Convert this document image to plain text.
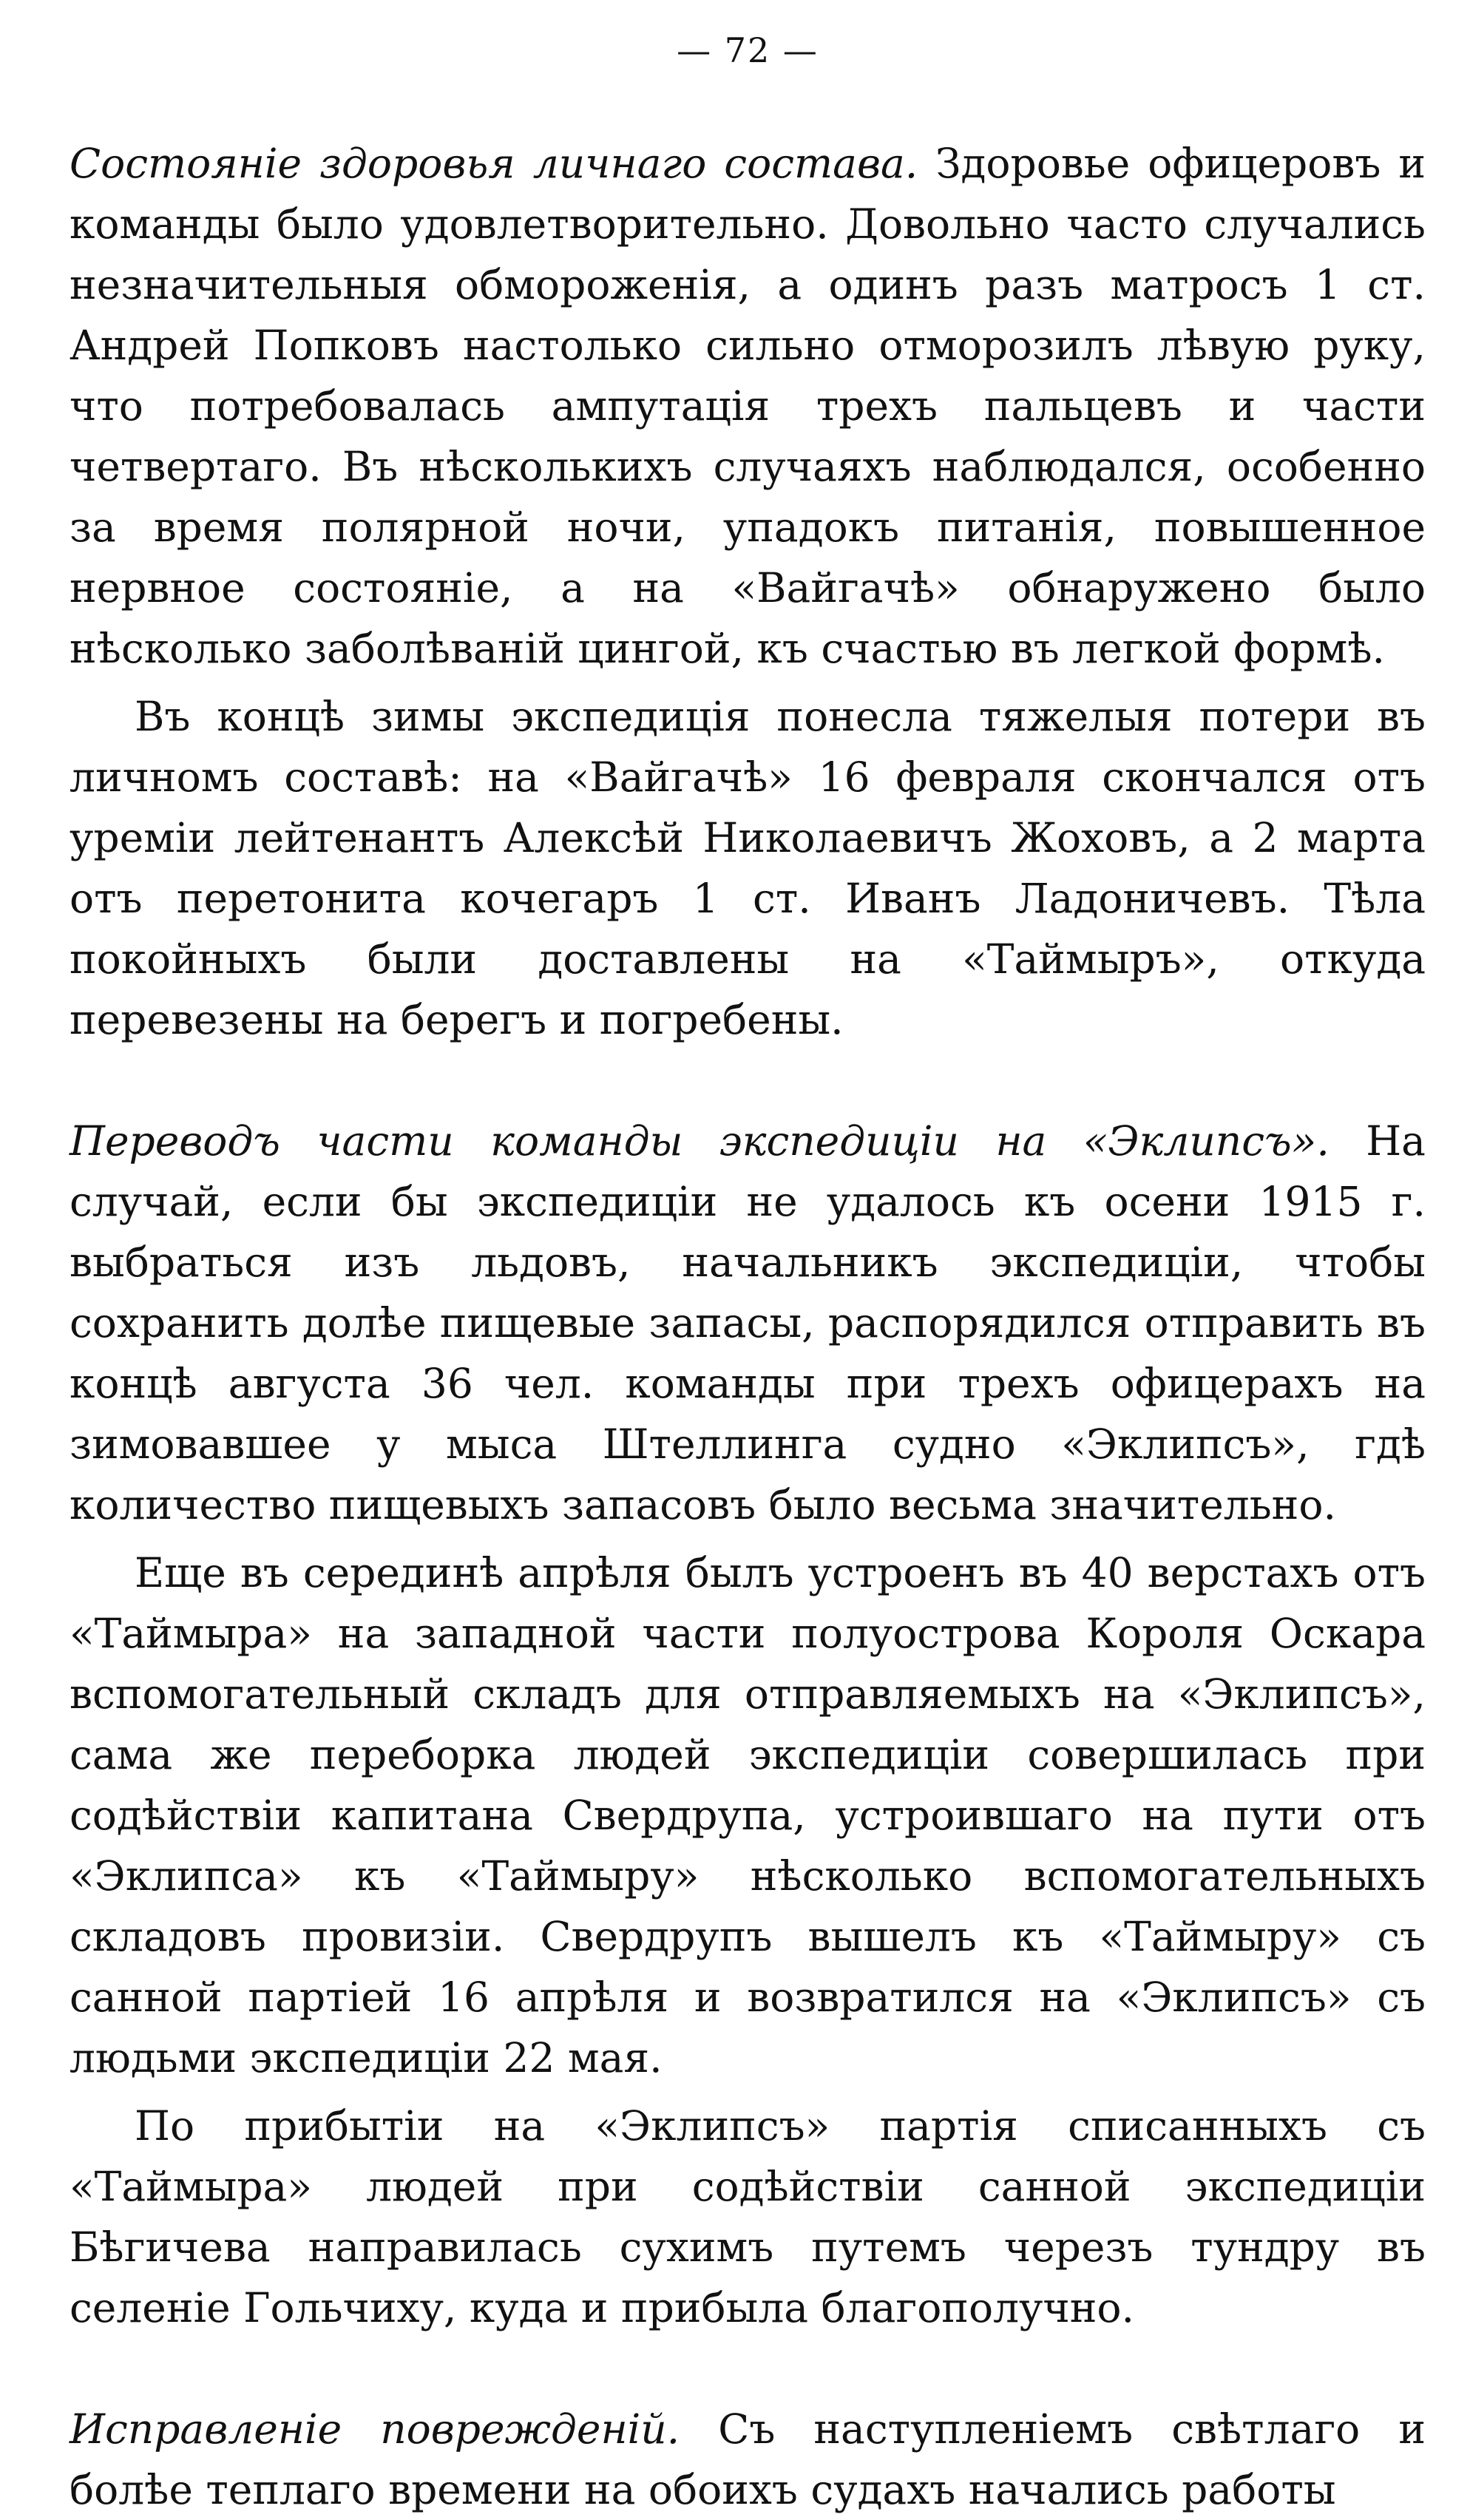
— 72 —

Состояніе здоровья личнаго состава. Здоровье офицеровъ и команды было удовлетворительно. Довольно часто случались незначительныя обмороженія, а одинъ разъ матросъ 1 ст. Андрей Попковъ настолько сильно отморозилъ лѣвую руку, что потребовалась ампутація трехъ пальцевъ и части четвертаго. Въ нѣсколькихъ случаяхъ наблюдался, особенно за время полярной ночи, упадокъ питанія, повышенное нервное состояніе, а на «Вайгачѣ» обнаружено было нѣсколько заболѣваній цингой, къ счастью въ легкой формѣ.

Въ концѣ зимы экспедиція понесла тяжелыя потери въ личномъ составѣ: на «Вайгачѣ» 16 февраля скончался отъ уреміи лейтенантъ Алексѣй Николаевичъ Жоховъ, а 2 марта отъ перетонита кочегаръ 1 ст. Иванъ Ладоничевъ. Тѣла покойныхъ были доставлены на «Таймыръ», откуда перевезены на берегъ и погребены.

Переводъ части команды экспедиціи на «Эклипсъ». На случай, если бы экспедиціи не удалось къ осени 1915 г. выбраться изъ льдовъ, начальникъ экспедиціи, чтобы сохранить долѣе пищевые запасы, распорядился отправить въ концѣ августа 36 чел. команды при трехъ офицерахъ на зимовавшее у мыса Штеллинга судно «Эклипсъ», гдѣ количество пищевыхъ запасовъ было весьма значительно.

Еще въ серединѣ апрѣля былъ устроенъ въ 40 верстахъ отъ «Таймыра» на западной части полуострова Короля Оскара вспомогательный складъ для отправляемыхъ на «Эклипсъ», сама же переборка людей экспедиціи совершилась при содѣйствіи капитана Свердрупа, устроившаго на пути отъ «Эклипса» къ «Таймыру» нѣсколько вспомогательныхъ складовъ провизіи. Свердрупъ вышелъ къ «Таймыру» съ санной партіей 16 апрѣля и возвратился на «Эклипсъ» съ людьми экспедиціи 22 мая.

По прибытіи на «Эклипсъ» партія списанныхъ съ «Таймыра» людей при содѣйствіи санной экспедиціи Бѣгичева направилась сухимъ путемъ черезъ тундру въ селеніе Гольчиху, куда и прибыла благополучно.

Исправленіе поврежденій. Съ наступленіемъ свѣтлаго и болѣе теплаго времени на обоихъ судахъ начались работы
